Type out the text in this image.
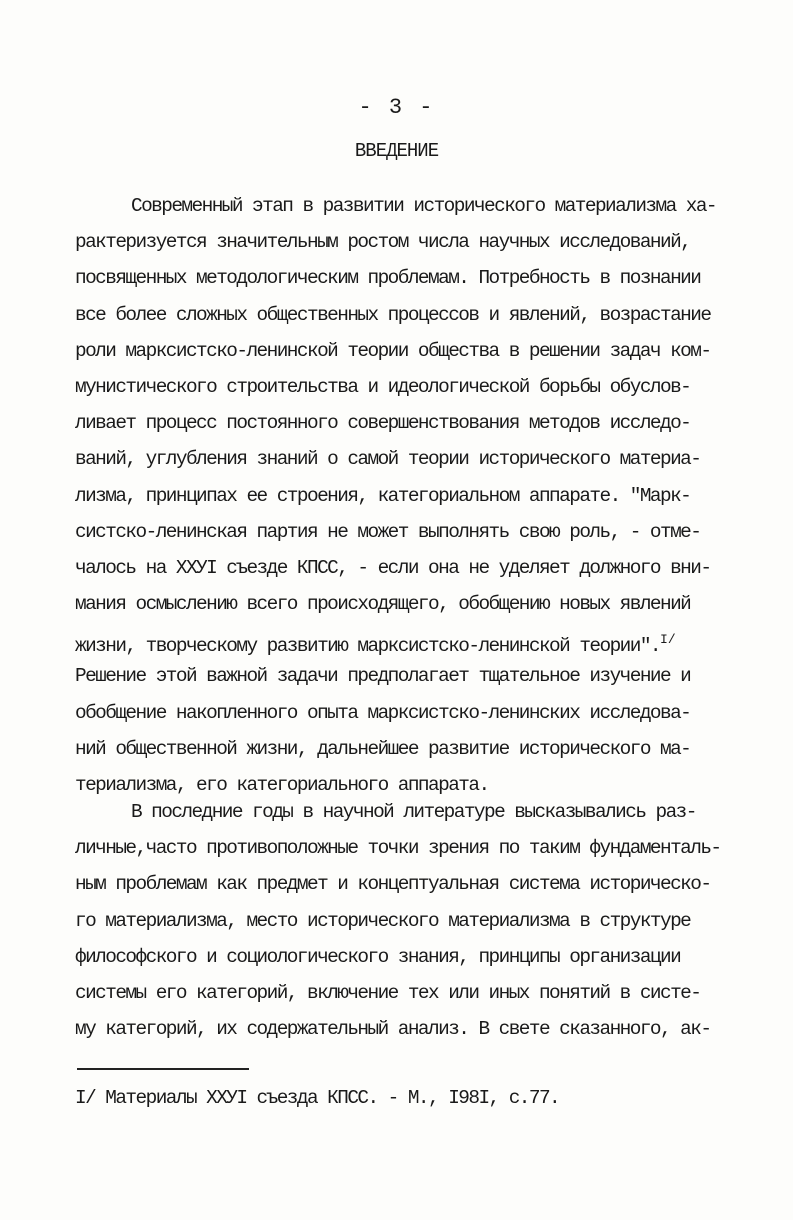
- 3 -
ВВЕДЕНИЕ
Современный этап в развитии исторического материализма ха-
рактеризуется значительным ростом числа научных исследований,
посвященных методологическим проблемам. Потребность в познании
все более сложных общественных процессов и явлений, возрастание
роли марксистско-ленинской теории общества в решении задач ком-
мунистического строительства и идеологической борьбы обуслов-
ливает процесс постоянного совершенствования методов исследо-
ваний, углубления знаний о самой теории исторического материа-
лизма, принципах ее строения, категориальном аппарате. "Марк-
систско-ленинская партия не может выполнять свою роль, - отме-
чалось на XXУI съезде КПСС, - если она не уделяет должного вни-
мания осмыслению всего происходящего, обобщению новых явлений
жизни, творческому развитию марксистско-ленинской теории".$^{I/}$
Решение этой важной задачи предполагает тщательное изучение и
обобщение накопленного опыта марксистско-ленинских исследова-
ний общественной жизни, дальнейшее развитие исторического ма-
териализма, его категориального аппарата.
В последние годы в научной литературе высказывались раз-
личные,часто противоположные точки зрения по таким фундаменталь-
ным проблемам как предмет и концептуальная система историческо-
го материализма, место исторического материализма в структуре
философского и социологического знания, принципы организации
системы его категорий, включение тех или иных понятий в систе-
му категорий, их содержательный анализ. В свете сказанного, ак-
I/ Материалы XXУI съезда КПСС. - М., I98I, с.77.
